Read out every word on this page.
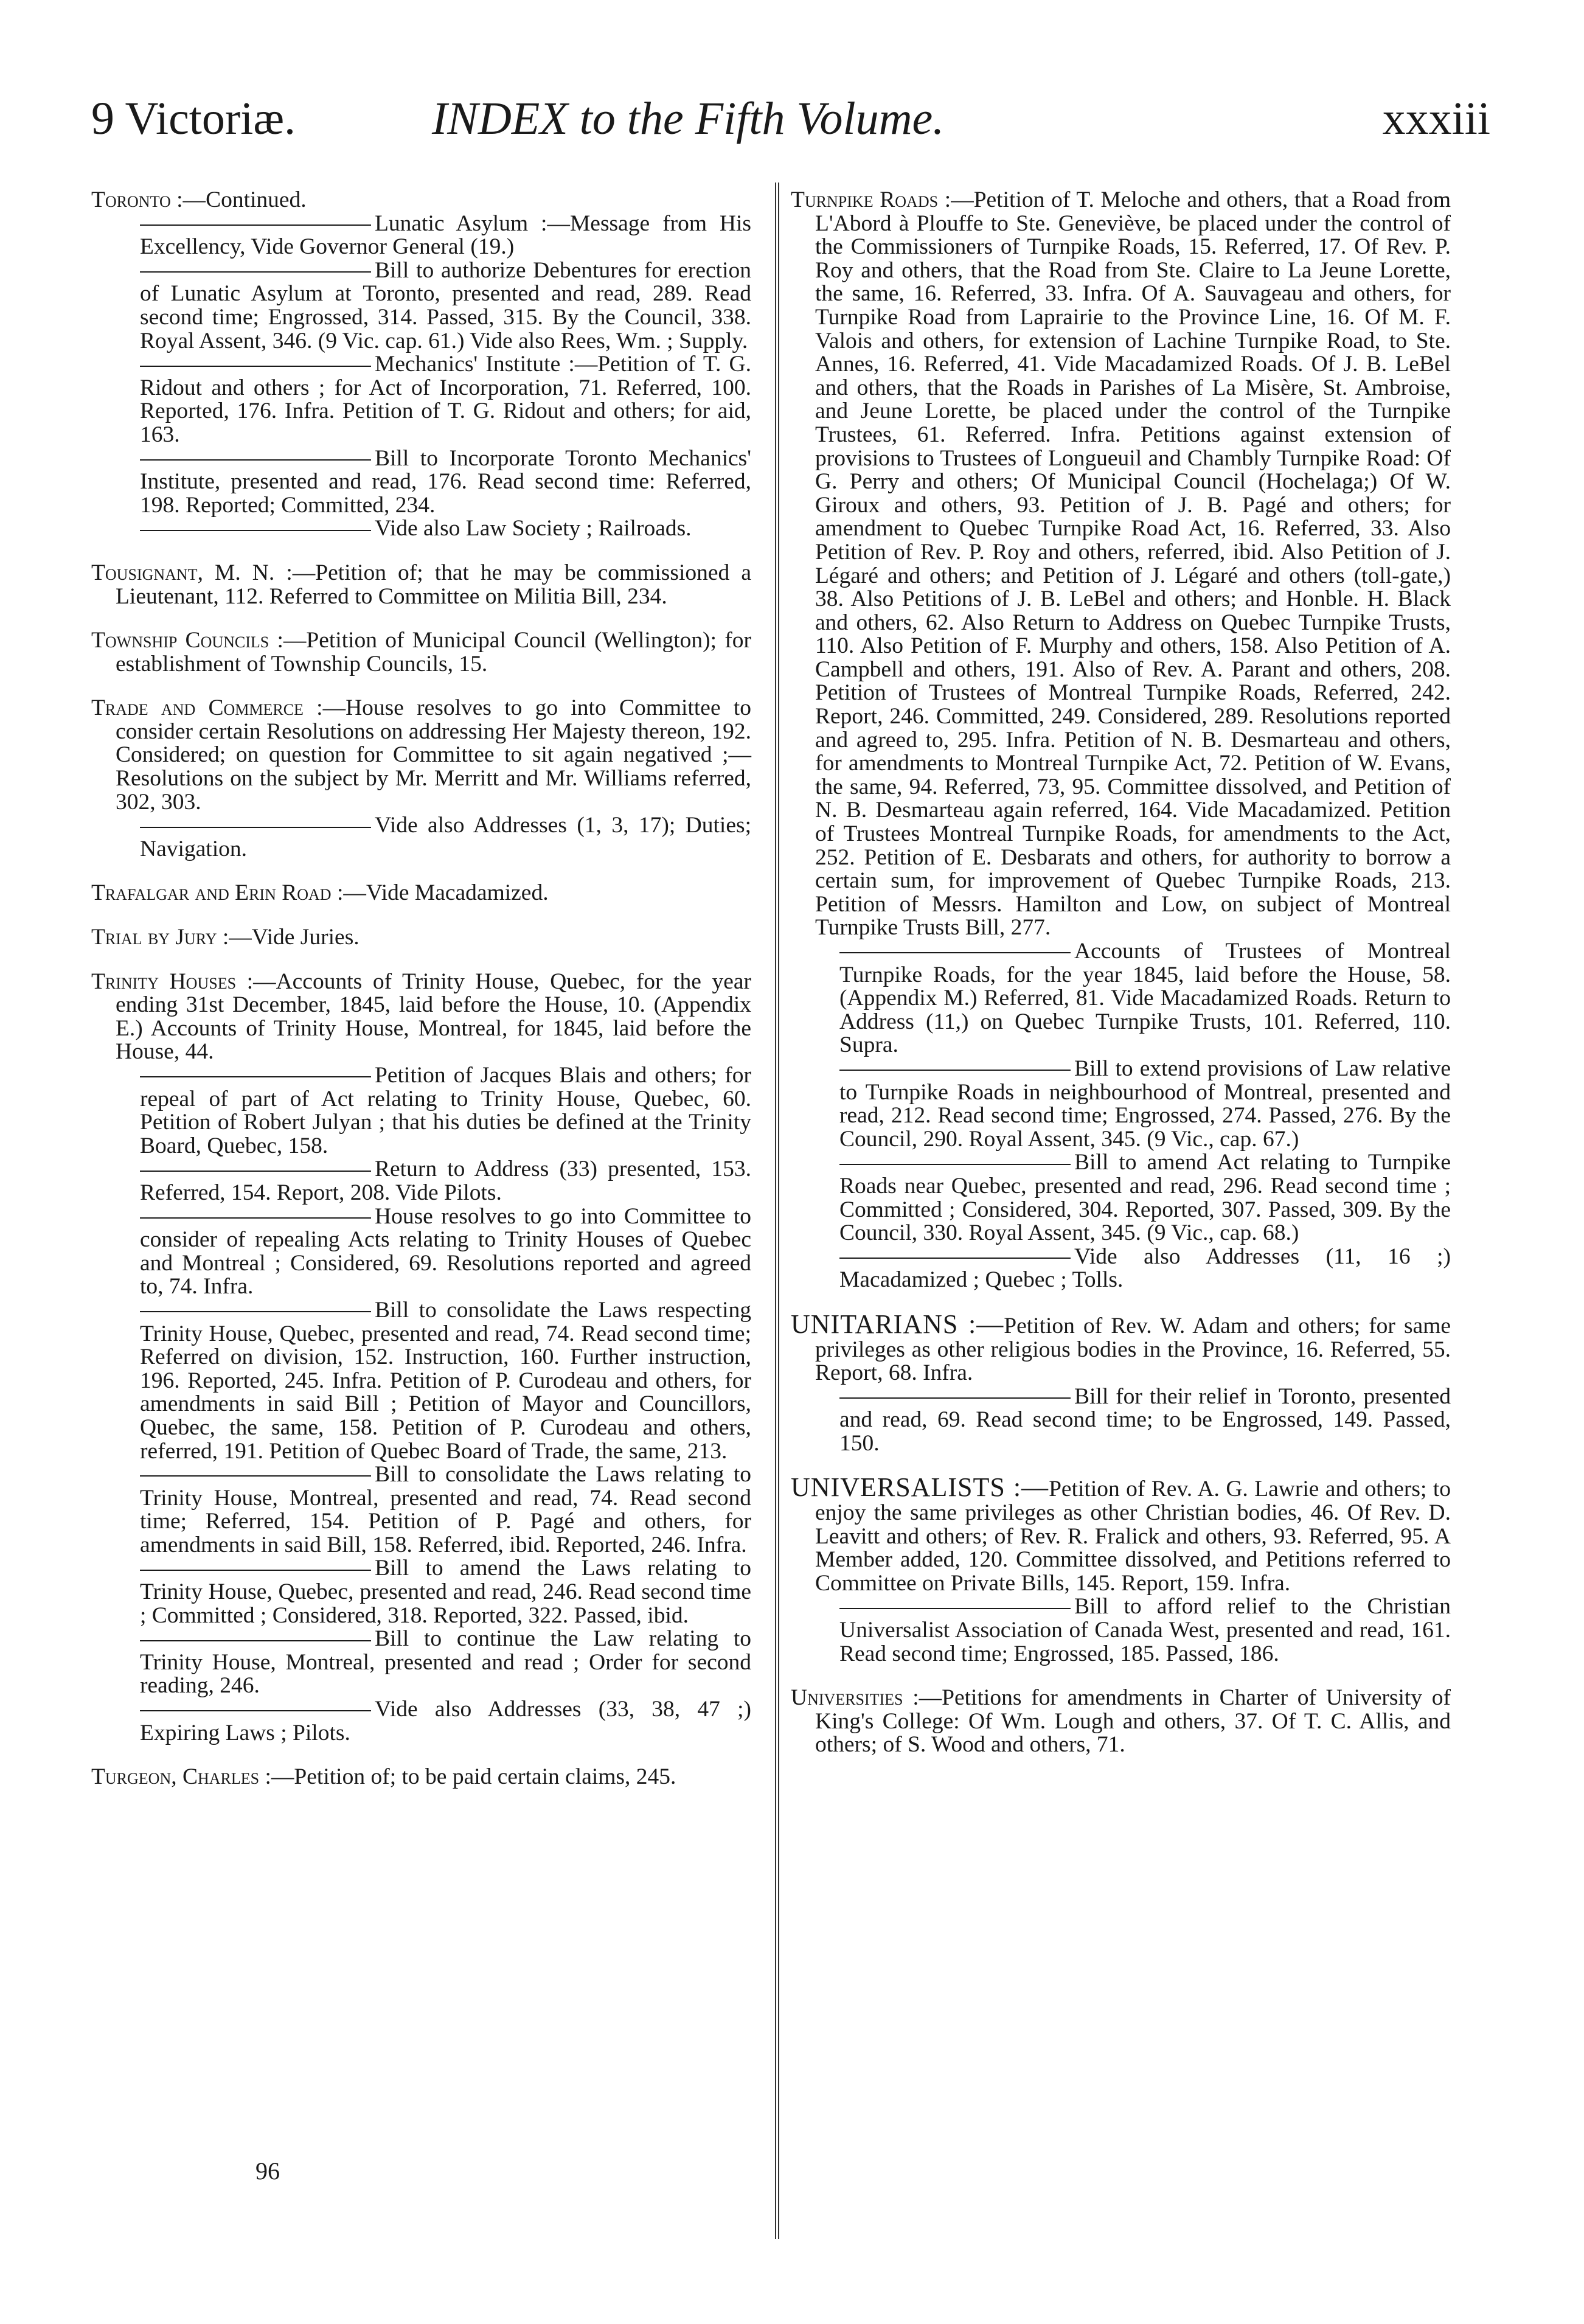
9 Victoriæ.	INDEX to the Fifth Volume.	xxxiii

Toronto :—Continued.

Lunatic Asylum :—Message from His Excellency, Vide Governor General (19.)

Bill to authorize Debentures for erection of Lunatic Asylum at Toronto, presented and read, 289. Read second time; Engrossed, 314. Passed, 315. By the Council, 338. Royal Assent, 346. (9 Vic. cap. 61.) Vide also Rees, Wm. ; Supply.

Mechanics' Institute :—Petition of T. G. Ridout and others ; for Act of Incorporation, 71. Referred, 100. Reported, 176. Infra. Petition of T. G. Ridout and others; for aid, 163.

Bill to Incorporate Toronto Mechanics' Institute, presented and read, 176. Read second time: Referred, 198. Reported; Committed, 234.

Vide also Law Society ; Railroads.

Tousignant, M. N. :—Petition of; that he may be commissioned a Lieutenant, 112. Referred to Committee on Militia Bill, 234.

Township Councils :—Petition of Municipal Council (Wellington); for establishment of Township Councils, 15.

Trade and Commerce :—House resolves to go into Committee to consider certain Resolutions on addressing Her Majesty thereon, 192. Considered; on question for Committee to sit again negatived ;—Resolutions on the subject by Mr. Merritt and Mr. Williams referred, 302, 303.

Vide also Addresses (1, 3, 17); Duties; Navigation.

Trafalgar and Erin Road :—Vide Macadamized.

Trial by Jury :—Vide Juries.

Trinity Houses :—Accounts of Trinity House, Quebec, for the year ending 31st December, 1845, laid before the House, 10. (Appendix E.) Accounts of Trinity House, Montreal, for 1845, laid before the House, 44.

Petition of Jacques Blais and others; for repeal of part of Act relating to Trinity House, Quebec, 60. Petition of Robert Julyan ; that his duties be defined at the Trinity Board, Quebec, 158.

Return to Address (33) presented, 153. Referred, 154. Report, 208. Vide Pilots.

House resolves to go into Committee to consider of repealing Acts relating to Trinity Houses of Quebec and Montreal ; Considered, 69. Resolutions reported and agreed to, 74. Infra.

Bill to consolidate the Laws respecting Trinity House, Quebec, presented and read, 74. Read second time; Referred on division, 152. Instruction, 160. Further instruction, 196. Reported, 245. Infra. Petition of P. Curodeau and others, for amendments in said Bill ; Petition of Mayor and Councillors, Quebec, the same, 158. Petition of P. Curodeau and others, referred, 191. Petition of Quebec Board of Trade, the same, 213.

Bill to consolidate the Laws relating to Trinity House, Montreal, presented and read, 74. Read second time; Referred, 154. Petition of P. Pagé and others, for amendments in said Bill, 158. Referred, ibid. Reported, 246. Infra.

Bill to amend the Laws relating to Trinity House, Quebec, presented and read, 246. Read second time ; Committed ; Considered, 318. Reported, 322. Passed, ibid.

Bill to continue the Law relating to Trinity House, Montreal, presented and read ; Order for second reading, 246.

Vide also Addresses (33, 38, 47 ;) Expiring Laws ; Pilots.

Turgeon, Charles :—Petition of; to be paid certain claims, 245.

Turnpike Roads :—Petition of T. Meloche and others, that a Road from L'Abord à Plouffe to Ste. Geneviève, be placed under the control of the Commissioners of Turnpike Roads, 15. Referred, 17. Of Rev. P. Roy and others, that the Road from Ste. Claire to La Jeune Lorette, the same, 16. Referred, 33. Infra. Of A. Sauvageau and others, for Turnpike Road from Laprairie to the Province Line, 16. Of M. F. Valois and others, for extension of Lachine Turnpike Road, to Ste. Annes, 16. Referred, 41. Vide Macadamized Roads. Of J. B. LeBel and others, that the Roads in Parishes of La Misère, St. Ambroise, and Jeune Lorette, be placed under the control of the Turnpike Trustees, 61. Referred. Infra. Petitions against extension of provisions to Trustees of Longueuil and Chambly Turnpike Road: Of G. Perry and others; Of Municipal Council (Hochelaga;) Of W. Giroux and others, 93. Petition of J. B. Pagé and others; for amendment to Quebec Turnpike Road Act, 16. Referred, 33. Also Petition of Rev. P. Roy and others, referred, ibid. Also Petition of J. Légaré and others; and Petition of J. Légaré and others (toll-gate,) 38. Also Petitions of J. B. LeBel and others; and Honble. H. Black and others, 62. Also Return to Address on Quebec Turnpike Trusts, 110. Also Petition of F. Murphy and others, 158. Also Petition of A. Campbell and others, 191. Also of Rev. A. Parant and others, 208. Petition of Trustees of Montreal Turnpike Roads, Referred, 242. Report, 246. Committed, 249. Considered, 289. Resolutions reported and agreed to, 295. Infra. Petition of N. B. Desmarteau and others, for amendments to Montreal Turnpike Act, 72. Petition of W. Evans, the same, 94. Referred, 73, 95. Committee dissolved, and Petition of N. B. Desmarteau again referred, 164. Vide Macadamized. Petition of Trustees Montreal Turnpike Roads, for amendments to the Act, 252. Petition of E. Desbarats and others, for authority to borrow a certain sum, for improvement of Quebec Turnpike Roads, 213. Petition of Messrs. Hamilton and Low, on subject of Montreal Turnpike Trusts Bill, 277.

Accounts of Trustees of Montreal Turnpike Roads, for the year 1845, laid before the House, 58. (Appendix M.) Referred, 81. Vide Macadamized Roads. Return to Address (11,) on Quebec Turnpike Trusts, 101. Referred, 110. Supra.

Bill to extend provisions of Law relative to Turnpike Roads in neighbourhood of Montreal, presented and read, 212. Read second time; Engrossed, 274. Passed, 276. By the Council, 290. Royal Assent, 345. (9 Vic., cap. 67.)

Bill to amend Act relating to Turnpike Roads near Quebec, presented and read, 296. Read second time ; Committed ; Considered, 304. Reported, 307. Passed, 309. By the Council, 330. Royal Assent, 345. (9 Vic., cap. 68.)

Vide also Addresses (11, 16 ;) Macadamized ; Quebec ; Tolls.

UNITARIANS :—Petition of Rev. W. Adam and others; for same privileges as other religious bodies in the Province, 16. Referred, 55. Report, 68. Infra.

Bill for their relief in Toronto, presented and read, 69. Read second time; to be Engrossed, 149. Passed, 150.

UNIVERSALISTS :—Petition of Rev. A. G. Lawrie and others; to enjoy the same privileges as other Christian bodies, 46. Of Rev. D. Leavitt and others; of Rev. R. Fralick and others, 93. Referred, 95. A Member added, 120. Committee dissolved, and Petitions referred to Committee on Private Bills, 145. Report, 159. Infra.

Bill to afford relief to the Christian Universalist Association of Canada West, presented and read, 161. Read second time; Engrossed, 185. Passed, 186.

Universities :—Petitions for amendments in Charter of University of King's College: Of Wm. Lough and others, 37. Of T. C. Allis, and others; of S. Wood and others, 71.

96
